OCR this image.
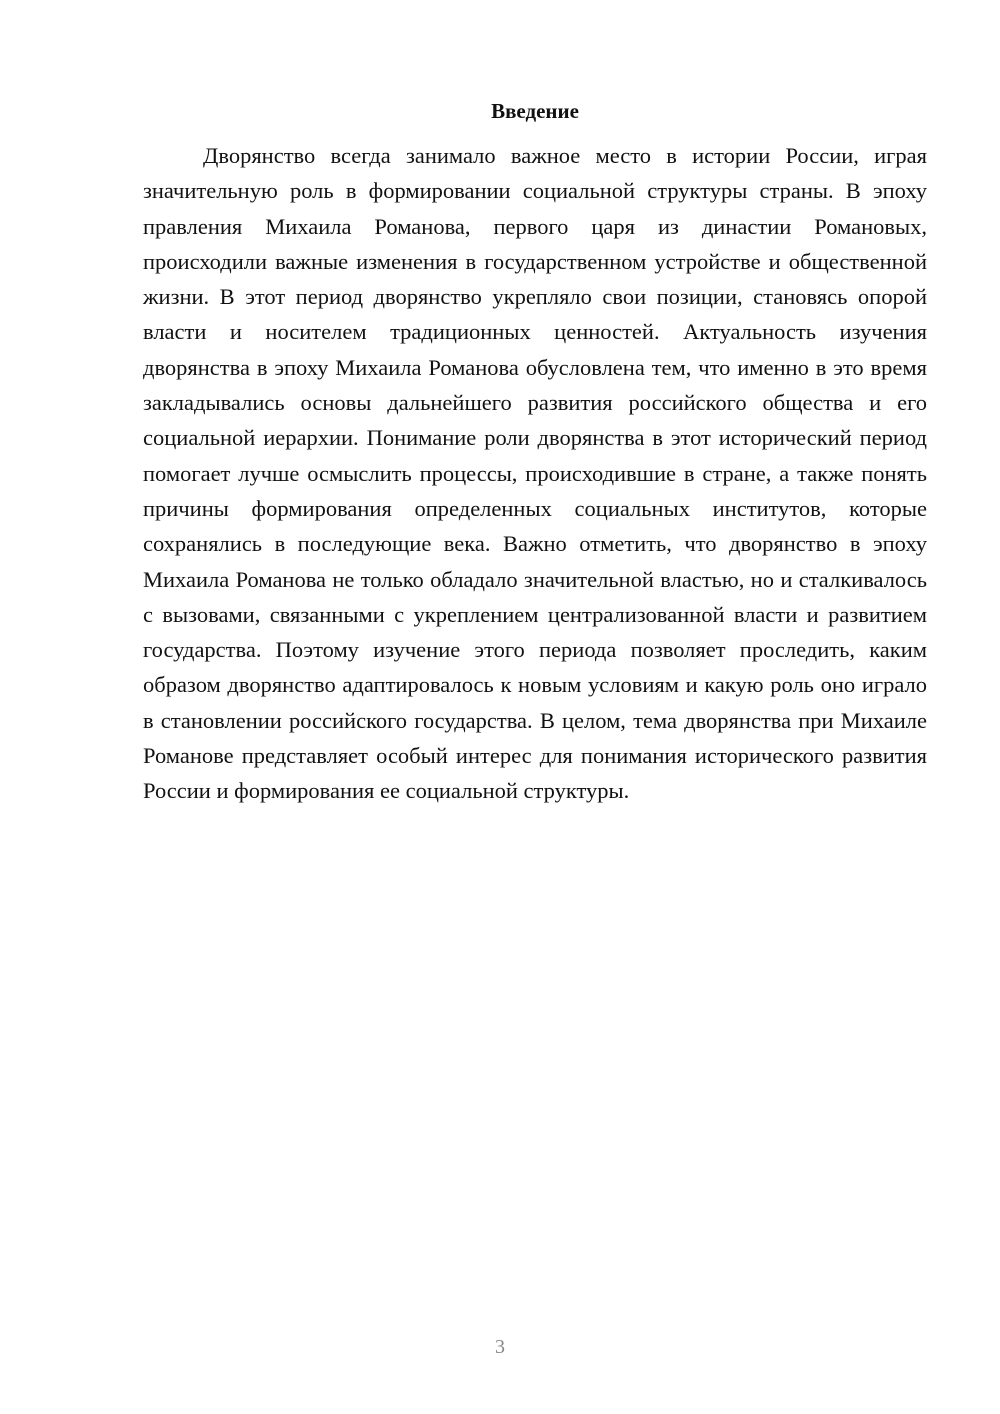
Введение

Дворянство всегда занимало важное место в истории России, играя значительную роль в формировании социальной структуры страны. В эпоху правления Михаила Романова, первого царя из династии Романовых, происходили важные изменения в государственном устройстве и общественной жизни. В этот период дворянство укрепляло свои позиции, становясь опорой власти и носителем традиционных ценностей. Актуальность изучения дворянства в эпоху Михаила Романова обусловлена тем, что именно в это время закладывались основы дальнейшего развития российского общества и его социальной иерархии. Понимание роли дворянства в этот исторический период помогает лучше осмыслить процессы, происходившие в стране, а также понять причины формирования определенных социальных институтов, которые сохранялись в последующие века. Важно отметить, что дворянство в эпоху Михаила Романова не только обладало значительной властью, но и сталкивалось с вызовами, связанными с укреплением централизованной власти и развитием государства. Поэтому изучение этого периода позволяет проследить, каким образом дворянство адаптировалось к новым условиям и какую роль оно играло в становлении российского государства. В целом, тема дворянства при Михаиле Романове представляет особый интерес для понимания исторического развития России и формирования ее социальной структуры.

3
